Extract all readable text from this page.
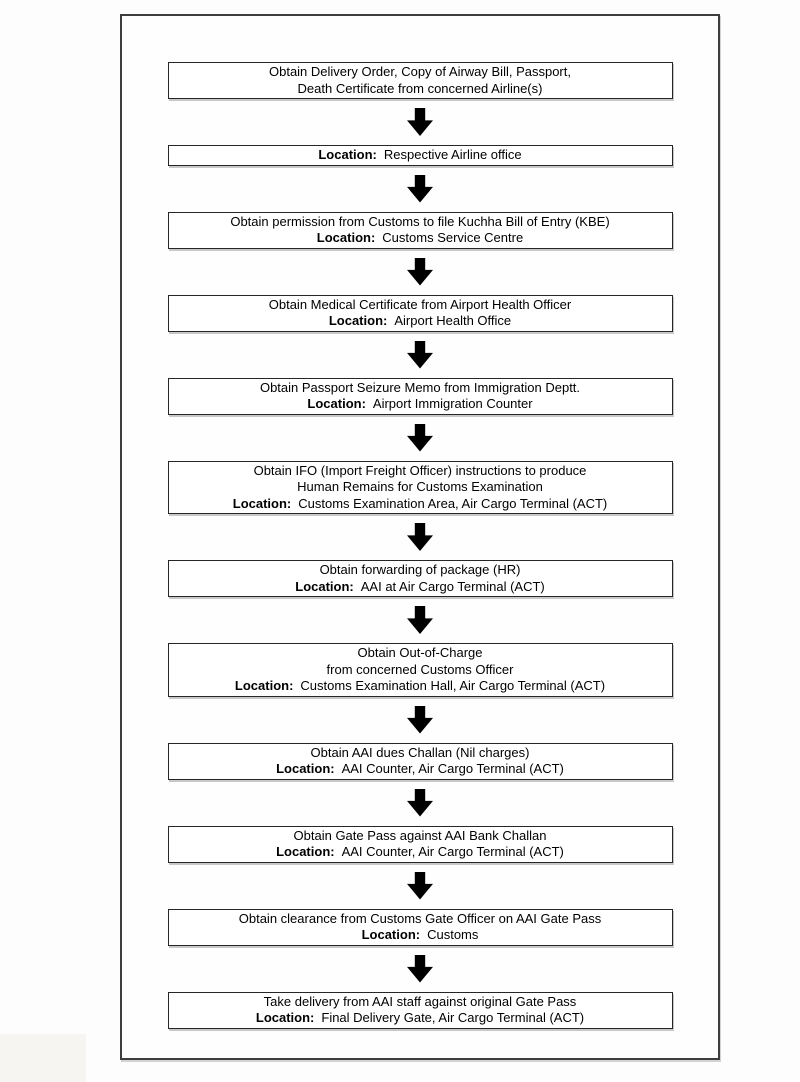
Obtain Delivery Order, Copy of Airway Bill, Passport,
Death Certificate from concerned Airline(s)
Location: Respective Airline office
Obtain permission from Customs to file Kuchha Bill of Entry (KBE)
Location: Customs Service Centre
Obtain Medical Certificate from Airport Health Officer
Location: Airport Health Office
Obtain Passport Seizure Memo from Immigration Deptt.
Location: Airport Immigration Counter
Obtain IFO (Import Freight Officer) instructions to produce
Human Remains for Customs Examination
Location: Customs Examination Area, Air Cargo Terminal (ACT)
Obtain forwarding of package (HR)
Location: AAI at Air Cargo Terminal (ACT)
Obtain Out-of-Charge
from concerned Customs Officer
Location: Customs Examination Hall, Air Cargo Terminal (ACT)
Obtain AAI dues Challan (Nil charges)
Location: AAI Counter, Air Cargo Terminal (ACT)
Obtain Gate Pass against AAI Bank Challan
Location: AAI Counter, Air Cargo Terminal (ACT)
Obtain clearance from Customs Gate Officer on AAI Gate Pass
Location: Customs
Take delivery from AAI staff against original Gate Pass
Location: Final Delivery Gate, Air Cargo Terminal (ACT)
